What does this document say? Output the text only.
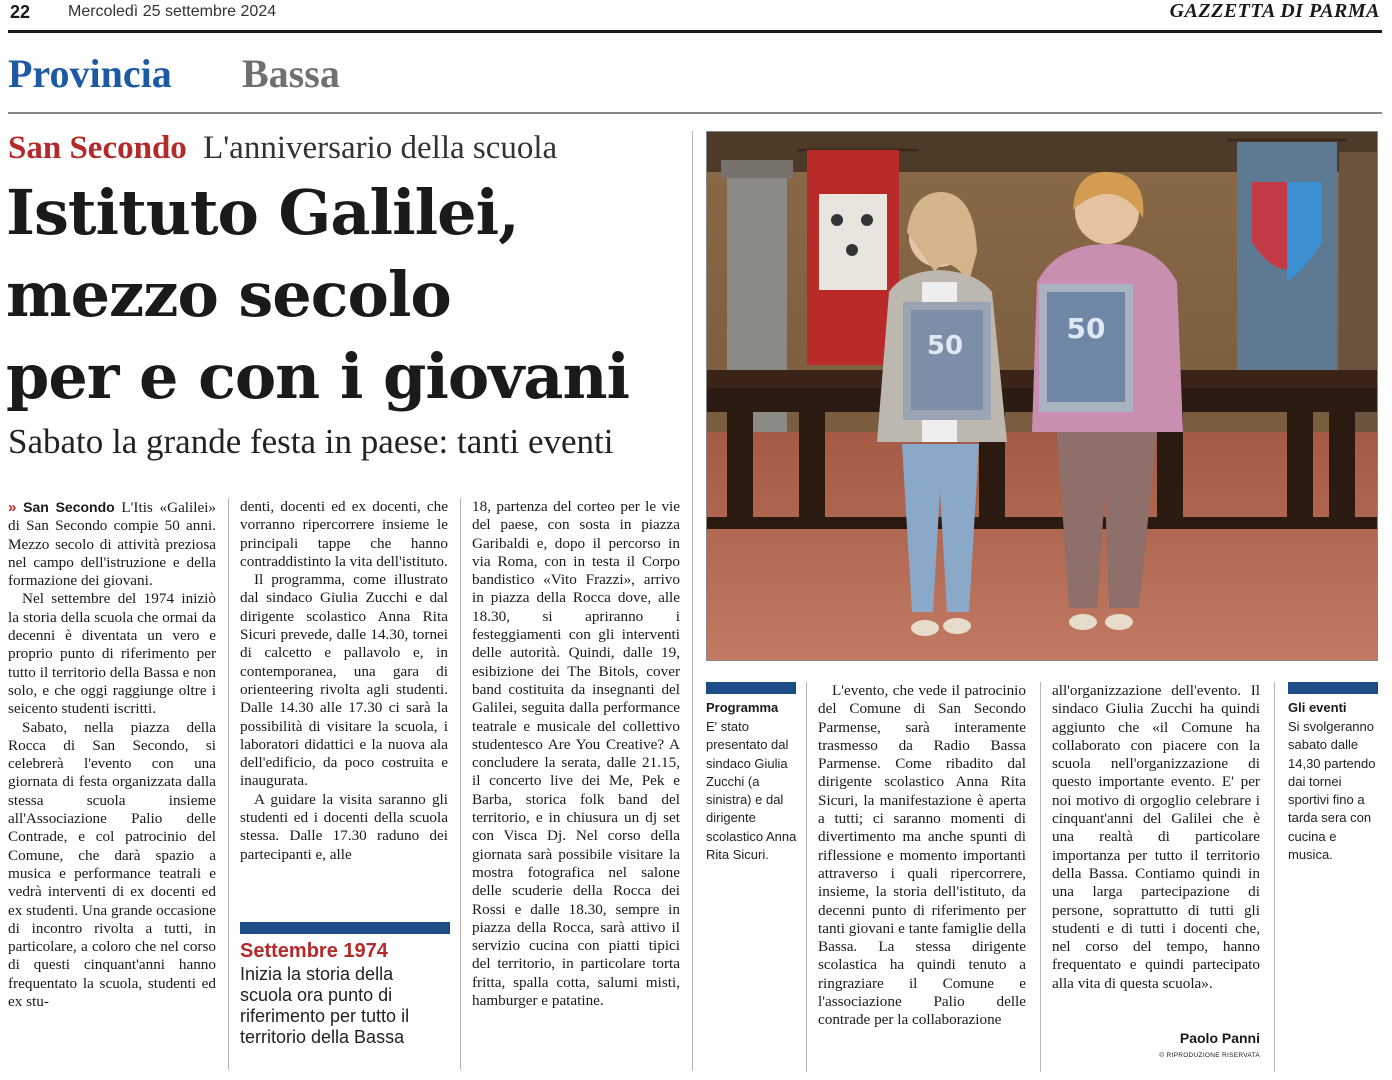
22 Mercoledì 25 settembre 2024	GAZZETTA DI PARMA
Provincia Bassa
San Secondo L'anniversario della scuola
Istituto Galilei,
mezzo secolo
per e con i giovani
Sabato la grande festa in paese: tanti eventi

» San Secondo L'Itis «Galilei» di San Secondo compie 50 anni. Mezzo secolo di attività preziosa nel campo dell'istruzione e della formazione dei giovani.

Nel settembre del 1974 iniziò la storia della scuola che ormai da decenni è diventata un vero e proprio punto di riferimento per tutto il territorio della Bassa e non solo, e che oggi raggiunge oltre i seicento studenti iscritti.

Sabato, nella piazza della Rocca di San Secondo, si celebrerà l'evento con una giornata di festa organizzata dalla stessa scuola insieme all'Associazione Palio delle Contrade, e col patrocinio del Comune, che darà spazio a musica e performance teatrali e vedrà interventi di ex docenti ed ex studenti. Una grande occasione di incontro rivolta a tutti, in particolare, a coloro che nel corso di questi cinquant'anni hanno frequentato la scuola, studenti ed ex stu-

denti, docenti ed ex docenti, che vorranno ripercorrere insieme le principali tappe che hanno contraddistinto la vita dell'istituto.

Il programma, come illustrato dal sindaco Giulia Zucchi e dal dirigente scolastico Anna Rita Sicuri prevede, dalle 14.30, tornei di calcetto e pallavolo e, in contemporanea, una gara di orienteering rivolta agli studenti. Dalle 14.30 alle 17.30 ci sarà la possibilità di visitare la scuola, i laboratori didattici e la nuova ala dell'edificio, da poco costruita e inaugurata.

A guidare la visita saranno gli studenti ed i docenti della scuola stessa. Dalle 17.30 raduno dei partecipanti e, alle

Settembre 1974
Inizia la storia della scuola ora punto di riferimento per tutto il territorio della Bassa

18, partenza del corteo per le vie del paese, con sosta in piazza Garibaldi e, dopo il percorso in via Roma, con in testa il Corpo bandistico «Vito Frazzi», arrivo in piazza della Rocca dove, alle 18.30, si apriranno i festeggiamenti con gli interventi delle autorità. Quindi, dalle 19, esibizione dei The Bitols, cover band costituita da insegnanti del Galilei, seguita dalla performance teatrale e musicale del collettivo studentesco Are You Creative? A concludere la serata, dalle 21.15, il concerto live dei Me, Pek e Barba, storica folk band del territorio, e in chiusura un dj set con Visca Dj. Nel corso della giornata sarà possibile visitare la mostra fotografica nel salone delle scuderie della Rocca dei Rossi e dalle 18.30, sempre in piazza della Rocca, sarà attivo il servizio cucina con piatti tipici del territorio, in particolare torta fritta, spalla cotta, salumi misti, hamburger e patatine.

50
50
Programma
E' stato presentato dal sindaco Giulia Zucchi (a sinistra) e dal dirigente scolastico Anna Rita Sicuri.

L'evento, che vede il patrocinio del Comune di San Secondo Parmense, sarà interamente trasmesso da Radio Bassa Parmense. Come ribadito dal dirigente scolastico Anna Rita Sicuri, la manifestazione è aperta a tutti; ci saranno momenti di divertimento ma anche spunti di riflessione e momento importanti attraverso i quali ripercorrere, insieme, la storia dell'istituto, da decenni punto di riferimento per tanti giovani e tante famiglie della Bassa. La stessa dirigente scolastica ha quindi tenuto a ringraziare il Comune e l'associazione Palio delle contrade per la collaborazione

all'organizzazione dell'evento. Il sindaco Giulia Zucchi ha quindi aggiunto che «il Comune ha collaborato con piacere con la scuola nell'organizzazione di questo importante evento. E' per noi motivo di orgoglio celebrare i cinquant'anni del Galilei che è una realtà di particolare importanza per tutto il territorio della Bassa. Contiamo quindi in una larga partecipazione di persone, soprattutto di tutti gli studenti e di tutti i docenti che, nel corso del tempo, hanno frequentato e quindi partecipato alla vita di questa scuola».

Paolo Panni
© RIPRODUZIONE RISERVATA
Gli eventi
Si svolgeranno sabato dalle 14,30 partendo dai tornei sportivi fino a tarda sera con cucina e musica.
